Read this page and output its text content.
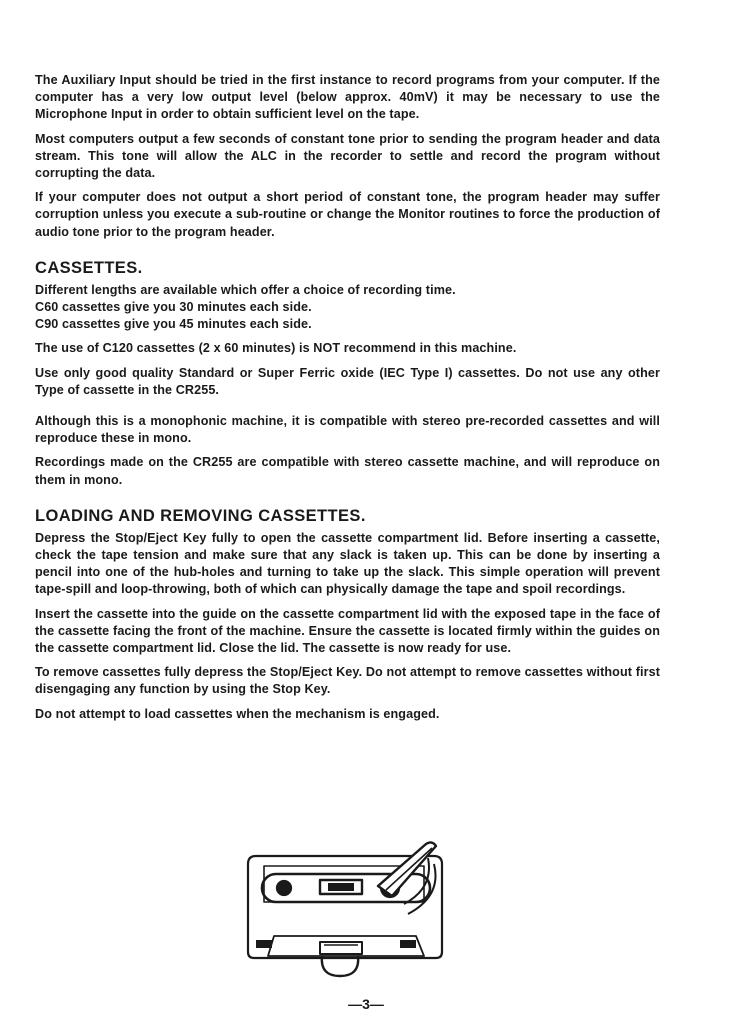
The Auxiliary Input should be tried in the first instance to record programs from your computer. If the computer has a very low output level (below approx. 40mV) it may be necessary to use the Microphone Input in order to obtain sufficient level on the tape.

Most computers output a few seconds of constant tone prior to sending the program header and data stream. This tone will allow the ALC in the recorder to settle and record the program without corrupting the data.

If your computer does not output a short period of constant tone, the program header may suffer corruption unless you execute a sub-routine or change the Monitor routines to force the production of audio tone prior to the program header.

CASSETTES.

Different lengths are available which offer a choice of recording time.

C60 cassettes give you 30 minutes each side.

C90 cassettes give you 45 minutes each side.

The use of C120 cassettes (2 x 60 minutes) is NOT recommend in this machine.

Use only good quality Standard or Super Ferric oxide (IEC Type I) cassettes. Do not use any other Type of cassette in the CR255.

Although this is a monophonic machine, it is compatible with stereo pre-recorded cassettes and will reproduce these in mono.

Recordings made on the CR255 are compatible with stereo cassette machine, and will reproduce on them in mono.

LOADING AND REMOVING CASSETTES.

Depress the Stop/Eject Key fully to open the cassette compartment lid. Before inserting a cassette, check the tape tension and make sure that any slack is taken up. This can be done by inserting a pencil into one of the hub-holes and turning to take up the slack. This simple operation will prevent tape-spill and loop-throwing, both of which can physically damage the tape and spoil recordings.

Insert the cassette into the guide on the cassette compartment lid with the exposed tape in the face of the cassette facing the front of the machine. Ensure the cassette is located firmly within the guides on the cassette compartment lid. Close the lid. The cassette is now ready for use.

To remove cassettes fully depress the Stop/Eject Key. Do not attempt to remove cassettes without first disengaging any function by using the Stop Key.

Do not attempt to load cassettes when the mechanism is engaged.

—3—
